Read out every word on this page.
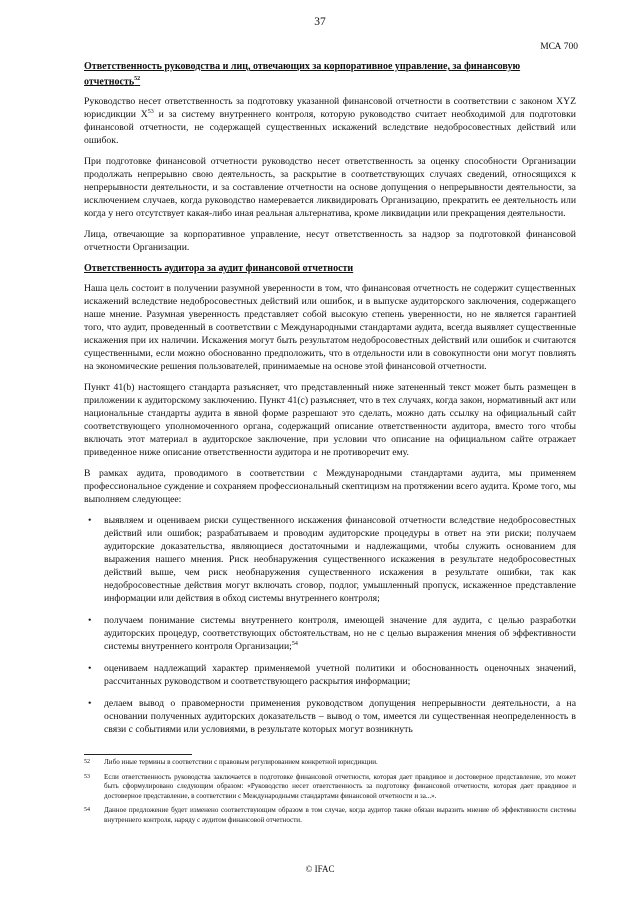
37
МСА 700
Ответственность руководства и лиц, отвечающих за корпоративное управление, за финансовую отчетность$^{52}$

Руководство несет ответственность за подготовку указанной финансовой отчетности в соответствии с законом XYZ юрисдикции $X^{53}$ и за систему внутреннего контроля, которую руководство считает необходимой для подготовки финансовой отчетности, не содержащей существенных искажений вследствие недобросовестных действий или ошибок.

При подготовке финансовой отчетности руководство несет ответственность за оценку способности Организации продолжать непрерывно свою деятельность, за раскрытие в соответствующих случаях сведений, относящихся к непрерывности деятельности, и за составление отчетности на основе допущения о непрерывности деятельности, за исключением случаев, когда руководство намеревается ликвидировать Организацию, прекратить ее деятельность или когда у него отсутствует какая-либо иная реальная альтернатива, кроме ликвидации или прекращения деятельности.

Лица, отвечающие за корпоративное управление, несут ответственность за надзор за подготовкой финансовой отчетности Организации.

Ответственность аудитора за аудит финансовой отчетности

Наша цель состоит в получении разумной уверенности в том, что финансовая отчетность не содержит существенных искажений вследствие недобросовестных действий или ошибок, и в выпуске аудиторского заключения, содержащего наше мнение. Разумная уверенность представляет собой высокую степень уверенности, но не является гарантией того, что аудит, проведенный в соответствии с Международными стандартами аудита, всегда выявляет существенные искажения при их наличии. Искажения могут быть результатом недобросовестных действий или ошибок и считаются существенными, если можно обоснованно предположить, что в отдельности или в совокупности они могут повлиять на экономические решения пользователей, принимаемые на основе этой финансовой отчетности.

Пункт 41(b) настоящего стандарта разъясняет, что представленный ниже затененный текст может быть размещен в приложении к аудиторскому заключению. Пункт 41(c) разъясняет, что в тех случаях, когда закон, нормативный акт или национальные стандарты аудита в явной форме разрешают это сделать, можно дать ссылку на официальный сайт соответствующего уполномоченного органа, содержащий описание ответственности аудитора, вместо того чтобы включать этот материал в аудиторское заключение, при условии что описание на официальном сайте отражает приведенное ниже описание ответственности аудитора и не противоречит ему.

В рамках аудита, проводимого в соответствии с Международными стандартами аудита, мы применяем профессиональное суждение и сохраняем профессиональный скептицизм на протяжении всего аудита. Кроме того, мы выполняем следующее:

• выявляем и оцениваем риски существенного искажения финансовой отчетности вследствие недобросовестных действий или ошибок; разрабатываем и проводим аудиторские процедуры в ответ на эти риски; получаем аудиторские доказательства, являющиеся достаточными и надлежащими, чтобы служить основанием для выражения нашего мнения. Риск необнаружения существенного искажения в результате недобросовестных действий выше, чем риск необнаружения существенного искажения в результате ошибки, так как недобросовестные действия могут включать сговор, подлог, умышленный пропуск, искаженное представление информации или действия в обход системы внутреннего контроля;
• получаем понимание системы внутреннего контроля, имеющей значение для аудита, с целью разработки аудиторских процедур, соответствующих обстоятельствам, но не с целью выражения мнения об эффективности системы внутреннего контроля Организации;$^{54}$
• оцениваем надлежащий характер применяемой учетной политики и обоснованность оценочных значений, рассчитанных руководством и соответствующего раскрытия информации;
• делаем вывод о правомерности применения руководством допущения непрерывности деятельности, а на основании полученных аудиторских доказательств – вывод о том, имеется ли существенная неопределенность в связи с событиями или условиями, в результате которых могут возникнуть
52 Либо иные термины в соответствии с правовым регулированием конкретной юрисдикции.
53 Если ответственность руководства заключается в подготовке финансовой отчетности, которая дает правдивое и достоверное представление, это может быть сформулировано следующим образом: «Руководство несет ответственность за подготовку финансовой отчетности, которая дает правдивое и достоверное представление, в соответствии с Международными стандартами финансовой отчетности и за...».
54 Данное предложение будет изменено соответствующим образом в том случае, когда аудитор также обязан выразить мнение об эффективности системы внутреннего контроля, наряду с аудитом финансовой отчетности.
© IFAC
